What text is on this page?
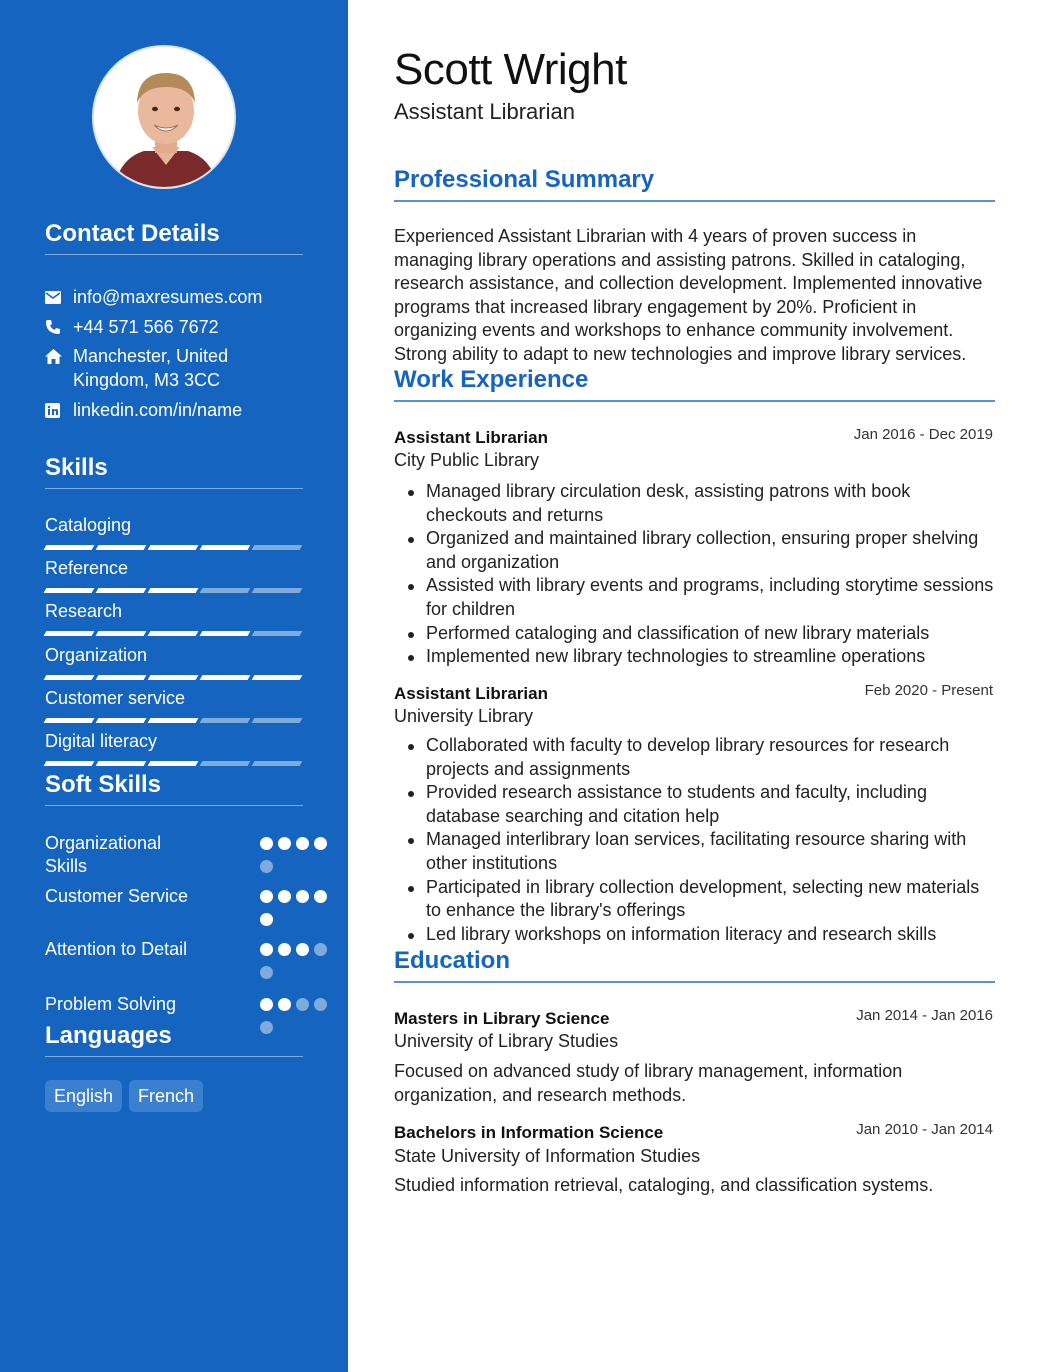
Contact Details
info@maxresumes.com
+44 571 566 7672
Manchester, United Kingdom, M3 3CC
linkedin.com/in/name
Skills
Cataloging
Reference
Research
Organization
Customer service
Digital literacy
Soft Skills
Organizational Skills
Customer Service
Attention to Detail
Problem Solving
Languages
English	French
Scott Wright
Assistant Librarian
Professional Summary

Experienced Assistant Librarian with 4 years of proven success in managing library operations and assisting patrons. Skilled in cataloging, research assistance, and collection development. Implemented innovative programs that increased library engagement by 20%. Proficient in organizing events and workshops to enhance community involvement. Strong ability to adapt to new technologies and improve library services.

Work Experience
Assistant Librarian	Jan 2016 - Dec 2019
City Public Library
Managed library circulation desk, assisting patrons with book checkouts and returns
Organized and maintained library collection, ensuring proper shelving and organization
Assisted with library events and programs, including storytime sessions for children
Performed cataloging and classification of new library materials
Implemented new library technologies to streamline operations
Assistant Librarian	Feb 2020 - Present
University Library
Collaborated with faculty to develop library resources for research projects and assignments
Provided research assistance to students and faculty, including database searching and citation help
Managed interlibrary loan services, facilitating resource sharing with other institutions
Participated in library collection development, selecting new materials to enhance the library's offerings
Led library workshops on information literacy and research skills
Education
Masters in Library Science	Jan 2014 - Jan 2016
University of Library Studies

Focused on advanced study of library management, information organization, and research methods.

Bachelors in Information Science	Jan 2010 - Jan 2014
State University of Information Studies

Studied information retrieval, cataloging, and classification systems.
